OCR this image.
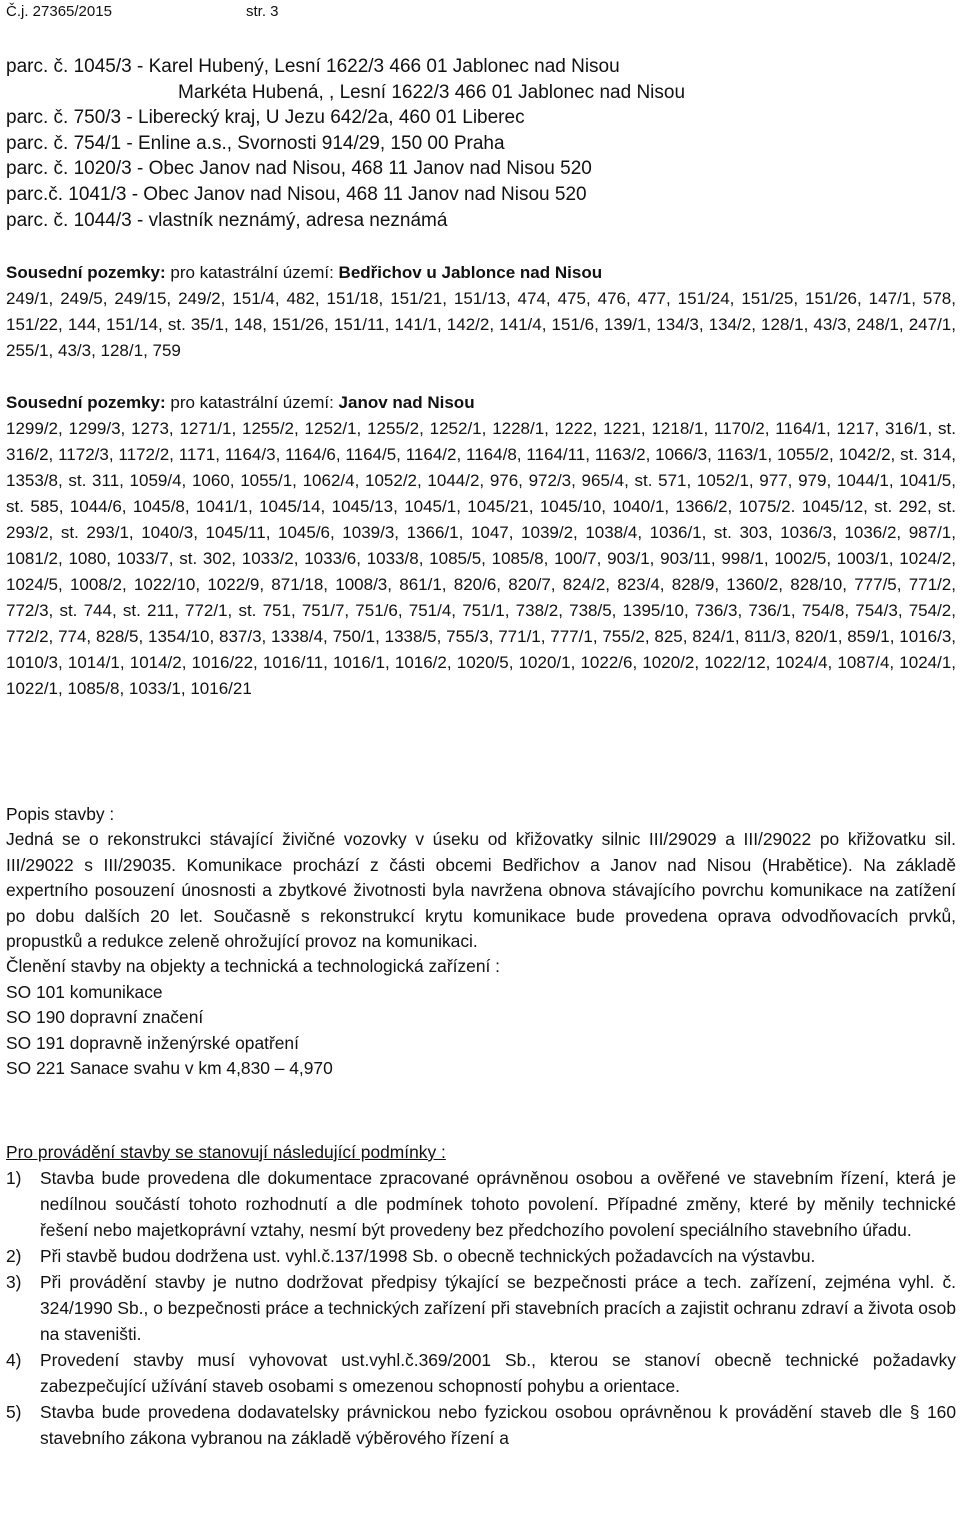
Č.j. 27365/2015	str. 3
parc. č. 1045/3 - Karel Hubený, Lesní 1622/3 466 01 Jablonec nad Nisou
Markéta Hubená, , Lesní 1622/3 466 01 Jablonec nad Nisou
parc. č. 750/3 - Liberecký kraj, U Jezu 642/2a, 460 01 Liberec
parc. č. 754/1 - Enline a.s., Svornosti 914/29, 150 00 Praha
parc. č. 1020/3 - Obec Janov nad Nisou, 468 11 Janov nad Nisou 520
parc.č. 1041/3 - Obec Janov nad Nisou, 468 11 Janov nad Nisou 520
parc. č. 1044/3 - vlastník neznámý, adresa neznámá
Sousední pozemky: pro katastrální území: Bedřichov u Jablonce nad Nisou
249/1, 249/5, 249/15, 249/2, 151/4, 482, 151/18, 151/21, 151/13, 474, 475, 476, 477, 151/24, 151/25, 151/26, 147/1, 578, 151/22, 144, 151/14, st. 35/1, 148, 151/26, 151/11, 141/1, 142/2, 141/4, 151/6, 139/1, 134/3, 134/2, 128/1, 43/3, 248/1, 247/1, 255/1, 43/3, 128/1, 759
Sousední pozemky: pro katastrální území: Janov nad Nisou
1299/2, 1299/3, 1273, 1271/1, 1255/2, 1252/1, 1255/2, 1252/1, 1228/1, 1222, 1221, 1218/1, 1170/2, 1164/1, 1217, 316/1, st. 316/2, 1172/3, 1172/2, 1171, 1164/3, 1164/6, 1164/5, 1164/2, 1164/8, 1164/11, 1163/2, 1066/3, 1163/1, 1055/2, 1042/2, st. 314, 1353/8, st. 311, 1059/4, 1060, 1055/1, 1062/4, 1052/2, 1044/2, 976, 972/3, 965/4, st. 571, 1052/1, 977, 979, 1044/1, 1041/5, st. 585, 1044/6, 1045/8, 1041/1, 1045/14, 1045/13, 1045/1, 1045/21, 1045/10, 1040/1, 1366/2, 1075/2. 1045/12, st. 292, st. 293/2, st. 293/1, 1040/3, 1045/11, 1045/6, 1039/3, 1366/1, 1047, 1039/2, 1038/4, 1036/1, st. 303, 1036/3, 1036/2, 987/1, 1081/2, 1080, 1033/7, st. 302, 1033/2, 1033/6, 1033/8, 1085/5, 1085/8, 100/7, 903/1, 903/11, 998/1, 1002/5, 1003/1, 1024/2, 1024/5, 1008/2, 1022/10, 1022/9, 871/18, 1008/3, 861/1, 820/6, 820/7, 824/2, 823/4, 828/9, 1360/2, 828/10, 777/5, 771/2, 772/3, st. 744, st. 211, 772/1, st. 751, 751/7, 751/6, 751/4, 751/1, 738/2, 738/5, 1395/10, 736/3, 736/1, 754/8, 754/3, 754/2, 772/2, 774, 828/5, 1354/10, 837/3, 1338/4, 750/1, 1338/5, 755/3, 771/1, 777/1, 755/2, 825, 824/1, 811/3, 820/1, 859/1, 1016/3, 1010/3, 1014/1, 1014/2, 1016/22, 1016/11, 1016/1, 1016/2, 1020/5, 1020/1, 1022/6, 1020/2, 1022/12, 1024/4, 1087/4, 1024/1, 1022/1, 1085/8, 1033/1, 1016/21
Popis stavby :
Jedná se o rekonstrukci stávající živičné vozovky v úseku od křižovatky silnic III/29029 a III/29022 po křižovatku sil. III/29022 s III/29035. Komunikace prochází z části obcemi Bedřichov a Janov nad Nisou (Hrabětice). Na základě expertního posouzení únosnosti a zbytkové životnosti byla navržena obnova stávajícího povrchu komunikace na zatížení po dobu dalších 20 let. Současně s rekonstrukcí krytu komunikace bude provedena oprava odvodňovacích prvků, propustků a redukce zeleně ohrožující provoz na komunikaci.
Členění stavby na objekty a technická a technologická zařízení :
SO 101 komunikace
SO 190 dopravní značení
SO 191 dopravně inženýrské opatření
SO 221 Sanace svahu v km 4,830 – 4,970
Pro provádění stavby se stanovují následující podmínky :
1) Stavba bude provedena dle dokumentace zpracované oprávněnou osobou a ověřené ve stavebním řízení, která je nedílnou součástí tohoto rozhodnutí a dle podmínek tohoto povolení. Případné změny, které by měnily technické řešení nebo majetkoprávní vztahy, nesmí být provedeny bez předchozího povolení speciálního stavebního úřadu.
2) Při stavbě budou dodržena ust. vyhl.č.137/1998 Sb. o obecně technických požadavcích na výstavbu.
3) Při provádění stavby je nutno dodržovat předpisy týkající se bezpečnosti práce a tech. zařízení, zejména vyhl. č. 324/1990 Sb., o bezpečnosti práce a technických zařízení při stavebních pracích a zajistit ochranu zdraví a života osob na staveništi.
4) Provedení stavby musí vyhovovat ust.vyhl.č.369/2001 Sb., kterou se stanoví obecně technické požadavky zabezpečující užívání staveb osobami s omezenou schopností pohybu a orientace.
5) Stavba bude provedena dodavatelsky právnickou nebo fyzickou osobou oprávněnou k provádění staveb dle § 160 stavebního zákona vybranou na základě výběrového řízení a
